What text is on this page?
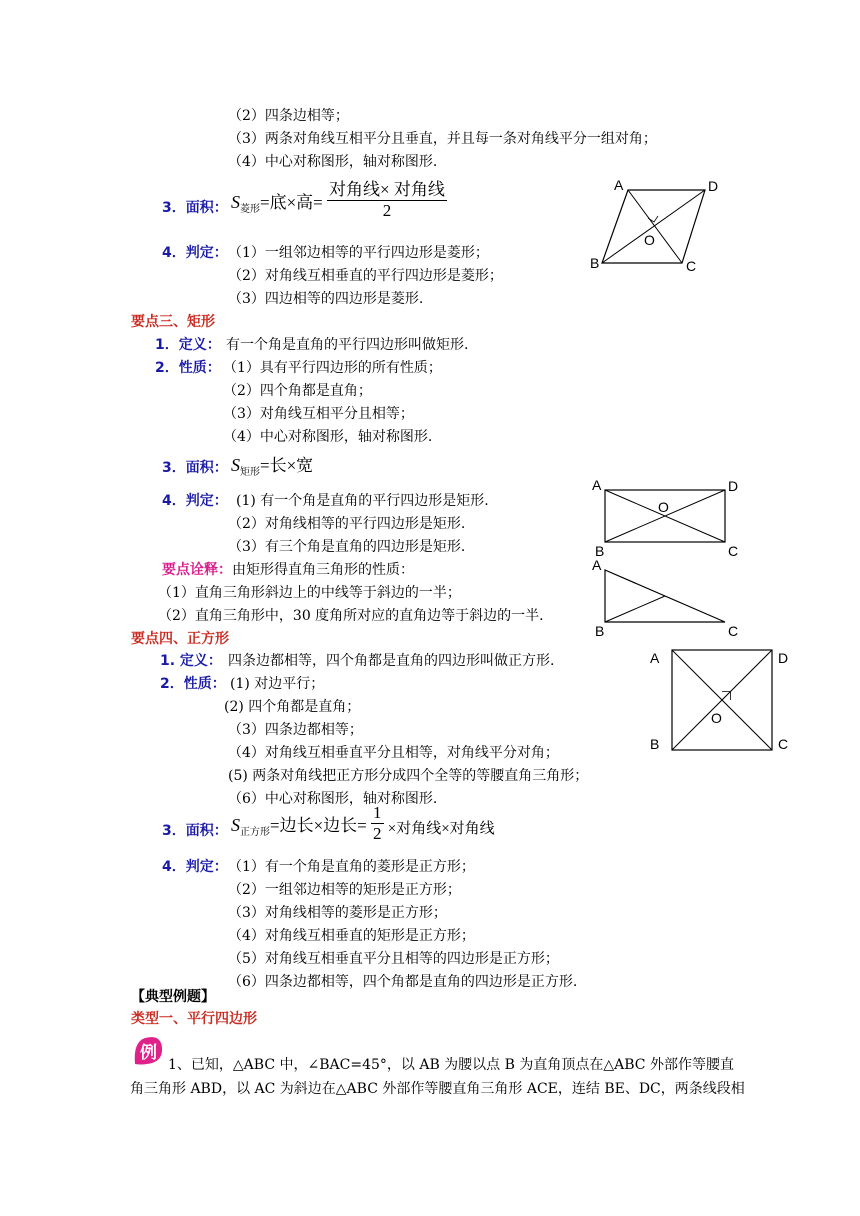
（2）四条边相等；
（3）两条对角线互相平分且垂直，并且每一条对角线平分一组对角；
（4）中心对称图形，轴对称图形.
3．面积： $S_{菱形}=$底×高= $\frac{\text{对角线× 对角线}}{2}$
4．判定： （1）一组邻边相等的平行四边形是菱形；
（2）对角线互相垂直的平行四边形是菱形；
（3）四边相等的四边形是菱形.
A	D
B	C
O
要点三、矩形
1．定义： 有一个角是直角的平行四边形叫做矩形.
2．性质： （1）具有平行四边形的所有性质；
（2）四个角都是直角；
（3）对角线互相平分且相等；
（4）中心对称图形，轴对称图形.
3．面积： $S_{矩形}=$长×宽
4．判定： (1) 有一个角是直角的平行四边形是矩形.
（2）对角线相等的平行四边形是矩形.
（3）有三个角是直角的四边形是矩形.
要点诠释：由矩形得直角三角形的性质：
（1）直角三角形斜边上的中线等于斜边的一半；
（2）直角三角形中，30 度角所对应的直角边等于斜边的一半.
A	D
B	C
O
A
B	C
要点四、正方形
1. 定义： 四条边都相等，四个角都是直角的四边形叫做正方形.
2．性质： (1) 对边平行；
(2) 四个角都是直角；
（3）四条边都相等；
（4）对角线互相垂直平分且相等，对角线平分对角；
(5) 两条对角线把正方形分成四个全等的等腰直角三角形；
（6）中心对称图形，轴对称图形.
3．面积： $S_{正方形}=$边长×边长= $\frac{1}{2}$ ×对角线×对角线
4．判定： （1）有一个角是直角的菱形是正方形；
（2）一组邻边相等的矩形是正方形；
（3）对角线相等的菱形是正方形；
（4）对角线互相垂直的矩形是正方形；
（5）对角线互相垂直平分且相等的四边形是正方形；
（6）四条边都相等，四个角都是直角的四边形是正方形.
A	D
B	C
O
【典型例题】
类型一、平行四边形
例
1、已知，△ABC 中，∠BAC=45°，以 AB 为腰以点 B 为直角顶点在△ABC 外部作等腰直
角三角形 ABD，以 AC 为斜边在△ABC 外部作等腰直角三角形 ACE，连结 BE、DC，两条线段相
